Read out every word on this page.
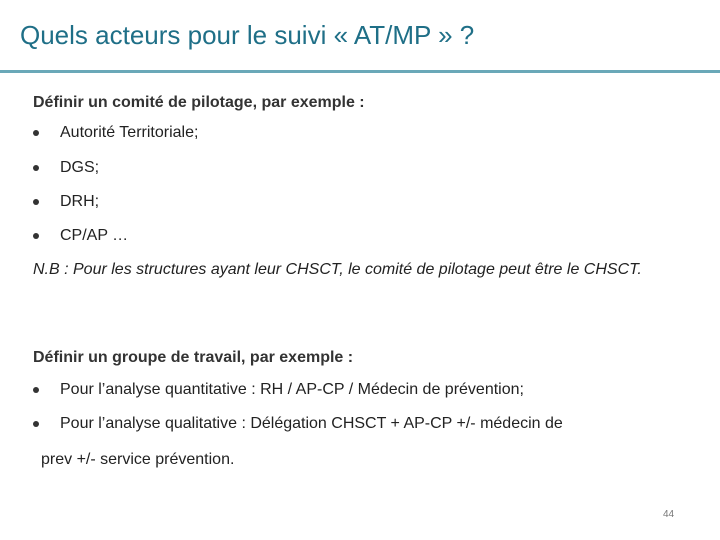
Quels acteurs pour le suivi « AT/MP » ?
Définir un comité de pilotage, par exemple :
Autorité Territoriale;
DGS;
DRH;
CP/AP …
N.B : Pour les structures ayant leur CHSCT, le comité de pilotage peut être le CHSCT.
Définir un groupe de travail, par exemple :
Pour l’analyse quantitative : RH / AP-CP / Médecin de prévention;
Pour l’analyse qualitative : Délégation CHSCT + AP-CP +/- médecin de
prev +/- service prévention.
44
